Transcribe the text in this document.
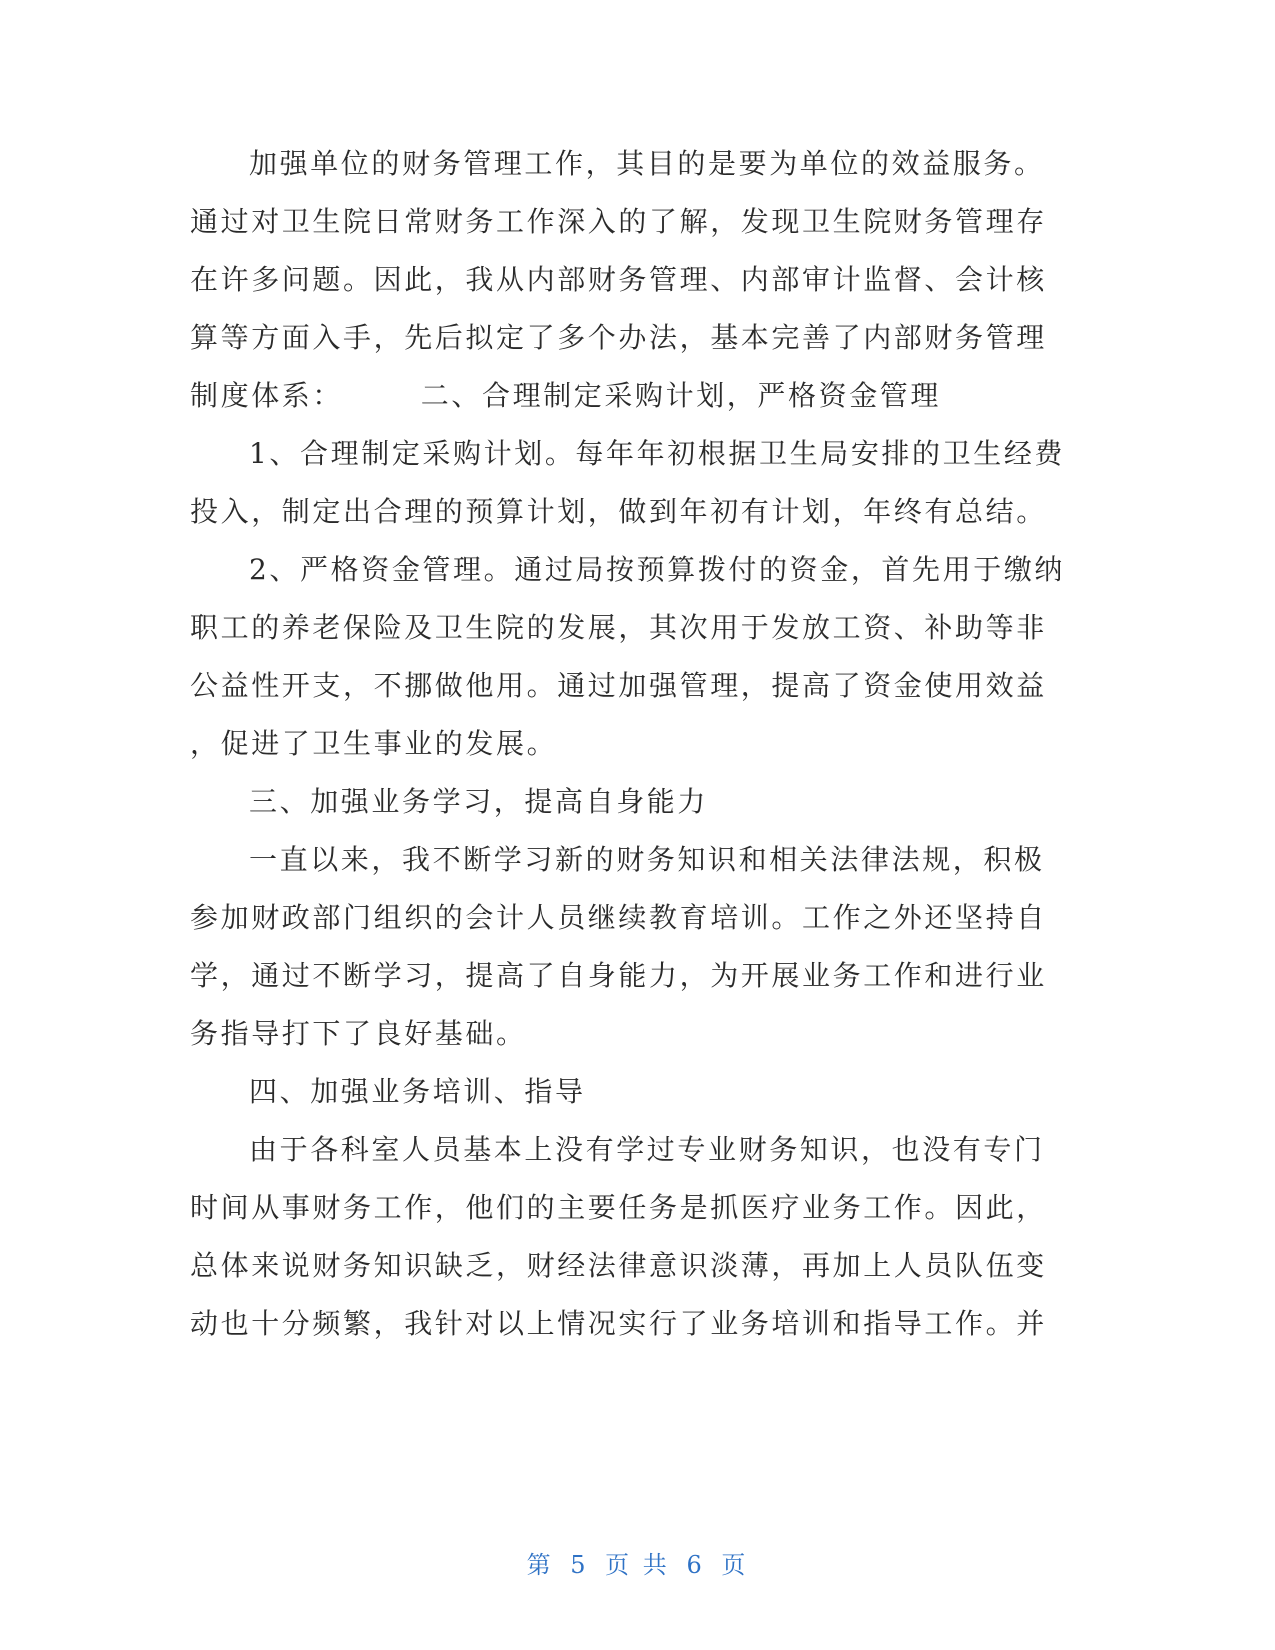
加强单位的财务管理工作，其目的是要为单位的效益服务。
通过对卫生院日常财务工作深入的了解，发现卫生院财务管理存
在许多问题。因此，我从内部财务管理、内部审计监督、会计核
算等方面入手，先后拟定了多个办法，基本完善了内部财务管理
制度体系：　　　二、合理制定采购计划，严格资金管理
1、合理制定采购计划。每年年初根据卫生局安排的卫生经费
投入，制定出合理的预算计划，做到年初有计划，年终有总结。
2、严格资金管理。通过局按预算拨付的资金，首先用于缴纳
职工的养老保险及卫生院的发展，其次用于发放工资、补助等非
公益性开支，不挪做他用。通过加强管理，提高了资金使用效益
，促进了卫生事业的发展。
三、加强业务学习，提高自身能力
一直以来，我不断学习新的财务知识和相关法律法规，积极
参加财政部门组织的会计人员继续教育培训。工作之外还坚持自
学，通过不断学习，提高了自身能力，为开展业务工作和进行业
务指导打下了良好基础。
四、加强业务培训、指导
由于各科室人员基本上没有学过专业财务知识，也没有专门
时间从事财务工作，他们的主要任务是抓医疗业务工作。因此，
总体来说财务知识缺乏，财经法律意识淡薄，再加上人员队伍变
动也十分频繁，我针对以上情况实行了业务培训和指导工作。并
第 5 页 共 6 页
